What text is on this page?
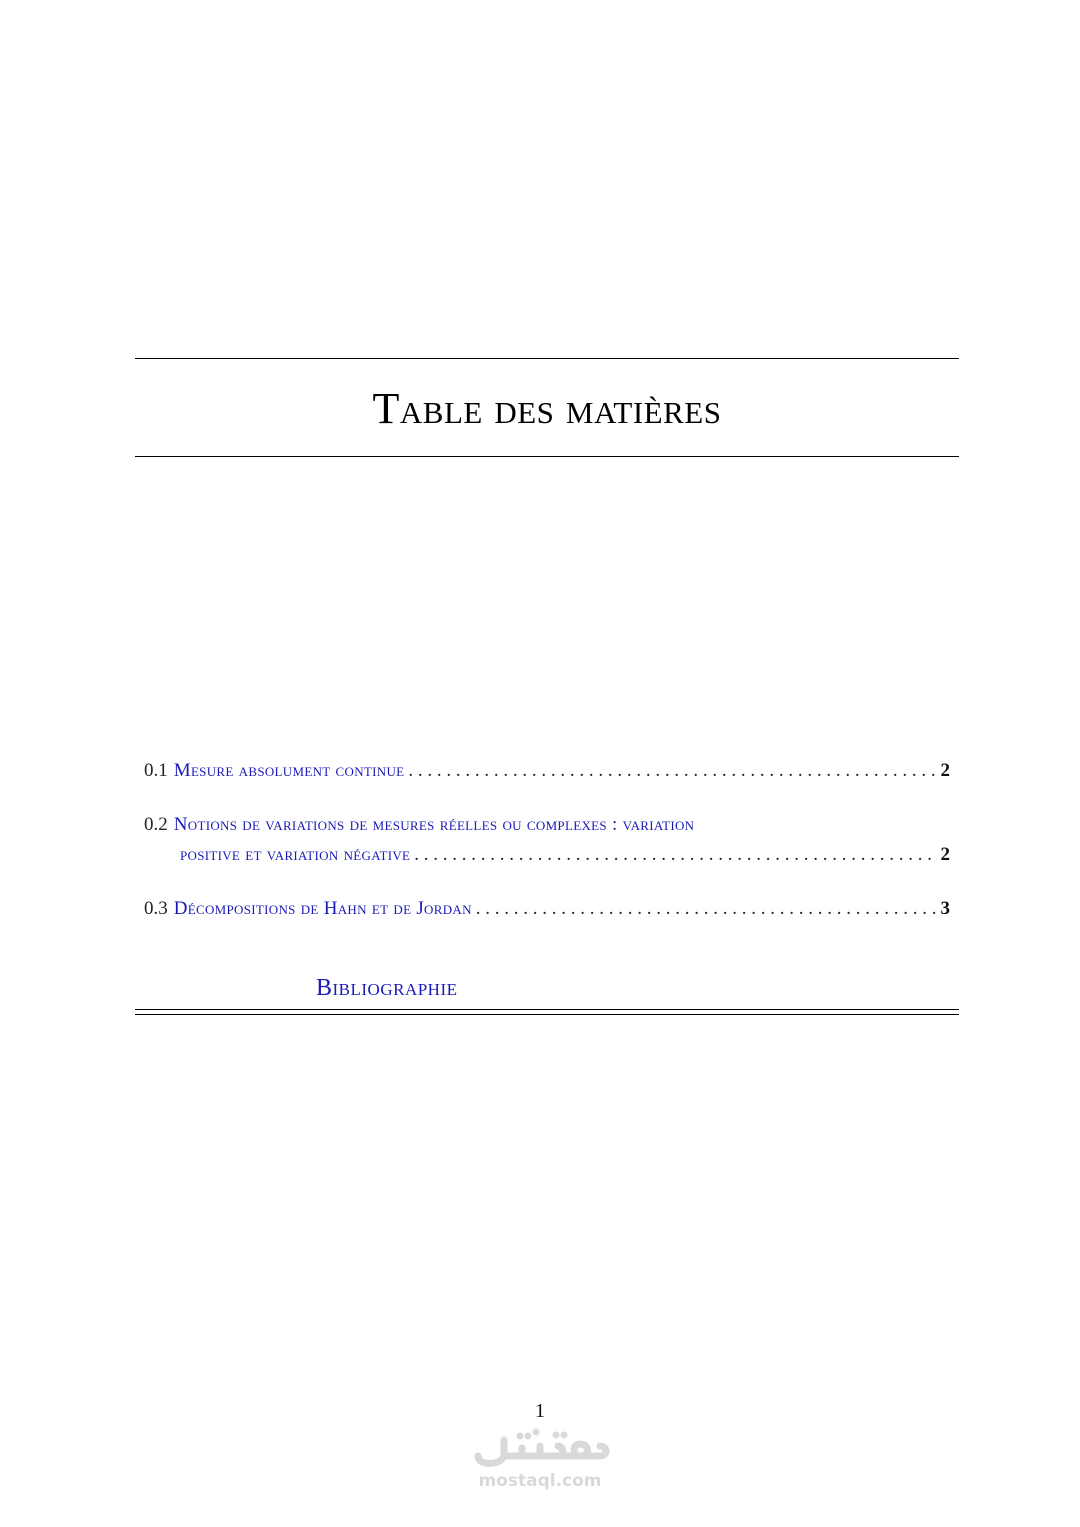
Table des matières
0.1 Mesure absolument continue . . .	2
0.2 Notions de variations de mesures réelles ou complexes : variation
positive et variation négative . . .	2
0.3 Décompositions de Hahn et de Jordan . . .	3
Bibliographie
1
mostaql.com
